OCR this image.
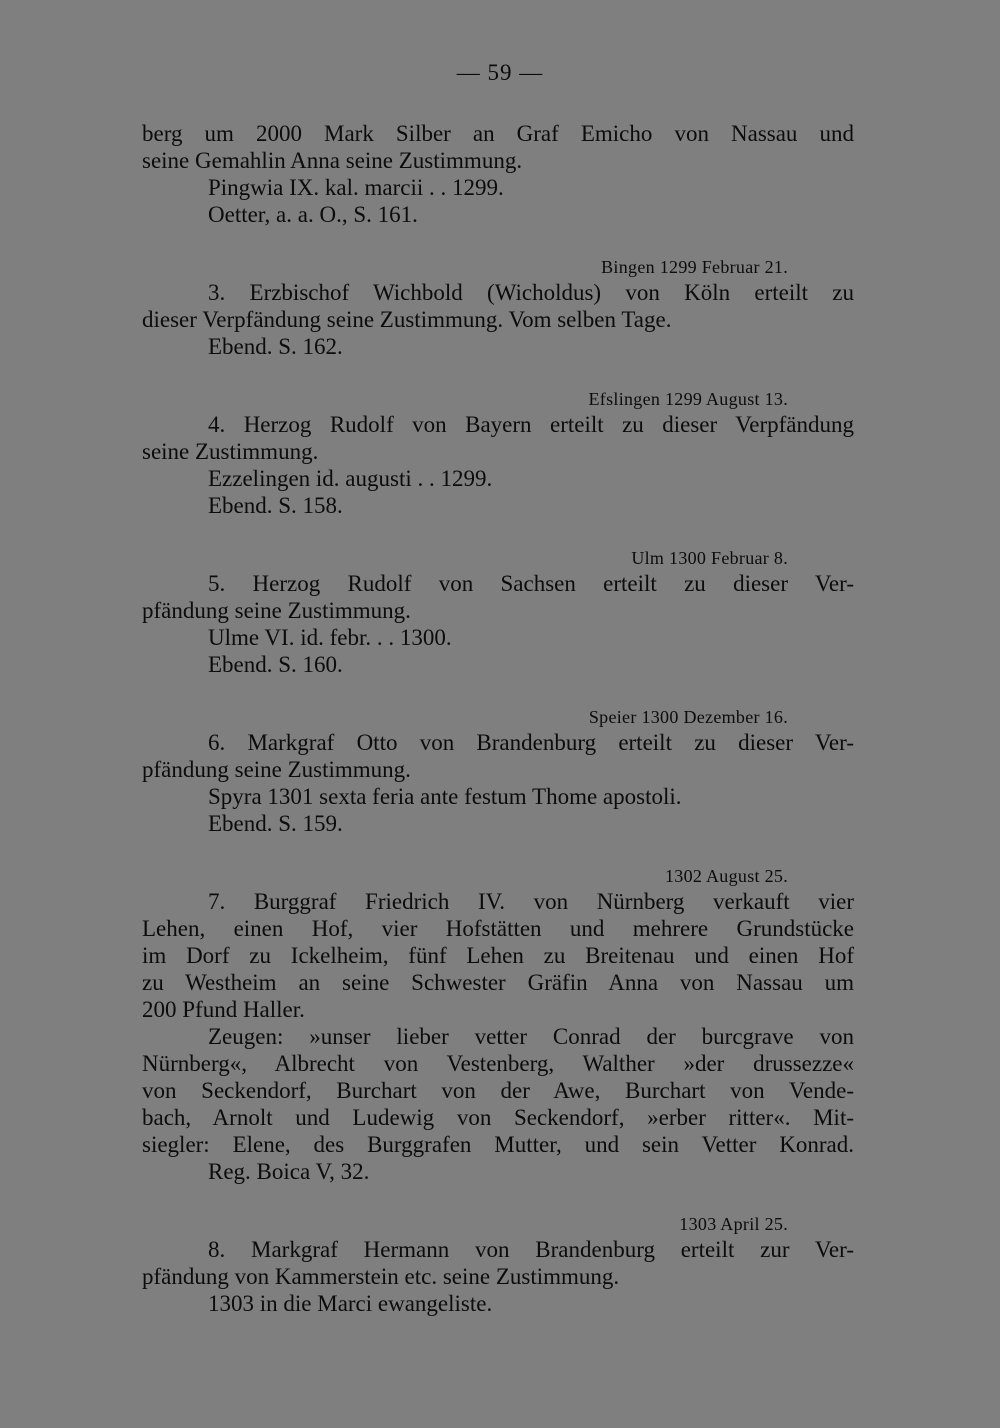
— 59 —
berg um 2000 Mark Silber an Graf Emicho von Nassau und
seine Gemahlin Anna seine Zustimmung.
Pingwia IX. kal. marcii . . 1299.
Oetter, a. a. O., S. 161.
Bingen 1299 Februar 21.
3. Erzbischof Wichbold (Wicholdus) von Köln erteilt zu
dieser Verpfändung seine Zustimmung. Vom selben Tage.
Ebend. S. 162.
Efslingen 1299 August 13.
4. Herzog Rudolf von Bayern erteilt zu dieser Verpfändung
seine Zustimmung.
Ezzelingen id. augusti . . 1299.
Ebend. S. 158.
Ulm 1300 Februar 8.
5. Herzog Rudolf von Sachsen erteilt zu dieser Ver-
pfändung seine Zustimmung.
Ulme VI. id. febr. . . 1300.
Ebend. S. 160.
Speier 1300 Dezember 16.
6. Markgraf Otto von Brandenburg erteilt zu dieser Ver-
pfändung seine Zustimmung.
Spyra 1301 sexta feria ante festum Thome apostoli.
Ebend. S. 159.
1302 August 25.
7. Burggraf Friedrich IV. von Nürnberg verkauft vier
Lehen, einen Hof, vier Hofstätten und mehrere Grundstücke
im Dorf zu Ickelheim, fünf Lehen zu Breitenau und einen Hof
zu Westheim an seine Schwester Gräfin Anna von Nassau um
200 Pfund Haller.
Zeugen: »unser lieber vetter Conrad der burcgrave von
Nürnberg«, Albrecht von Vestenberg, Walther »der drussezze«
von Seckendorf, Burchart von der Awe, Burchart von Vende-
bach, Arnolt und Ludewig von Seckendorf, »erber ritter«. Mit-
siegler: Elene, des Burggrafen Mutter, und sein Vetter Konrad.
Reg. Boica V, 32.
1303 April 25.
8. Markgraf Hermann von Brandenburg erteilt zur Ver-
pfändung von Kammerstein etc. seine Zustimmung.
1303 in die Marci ewangeliste.
